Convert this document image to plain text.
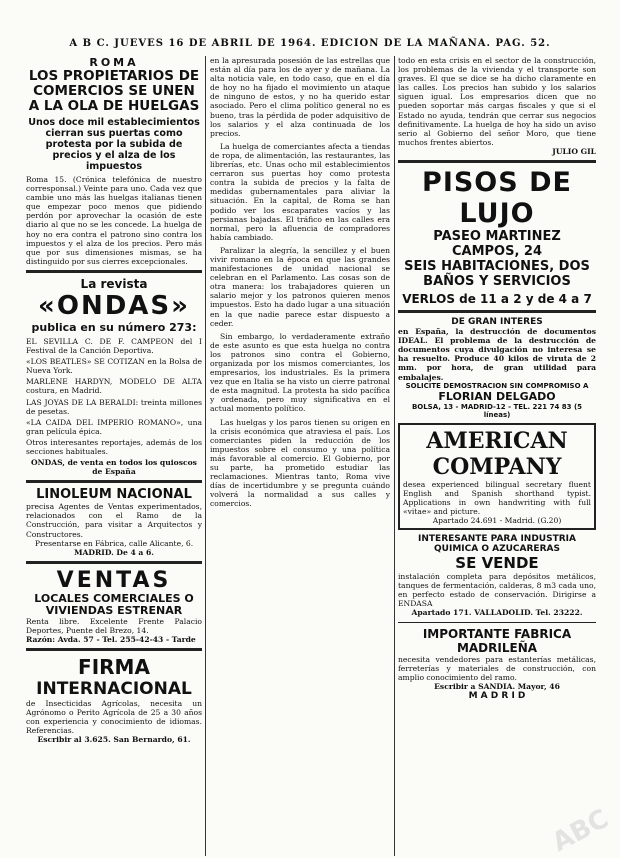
A B C. JUEVES 16 DE ABRIL DE 1964. EDICION DE LA MAÑANA. PAG. 52.

ROMA

LOS PROPIETARIOS DE COMERCIOS SE UNEN A LA OLA DE HUELGAS

Unos doce mil establecimientos cierran sus puertas como protesta por la subida de precios y el alza de los impuestos

Roma 15. (Crónica telefónica de nuestro corresponsal.) Veinte para uno. Cada vez que cambie uno más las huelgas italianas tienen que empezar poco menos que pidiendo perdón por aprovechar la ocasión de este diario al que no se les concede. La huelga de hoy no era contra el patrono sino contra los impuestos y el alza de los precios. Pero más que por sus dimensiones mismas, se ha distinguido por sus cierres excepcionales.

La revista

«ONDAS»

publica en su número 273:

EL SEVILLA C. DE F. CAMPEON del I Festival de la Canción Deportiva.

«LOS BEATLES» SE COTIZAN en la Bolsa de Nueva York.

MARLENE HARDYN, MODELO DE ALTA costura, en Madrid.

LAS JOYAS DE LA BERALDI: treinta millones de pesetas.

«LA CAIDA DEL IMPERIO ROMANO», una gran película épica.

Otros interesantes reportajes, además de los secciones habituales.

ONDAS, de venta en todos los quioscos de España

LINOLEUM NACIONAL

precisa Agentes de Ventas experimentados, relacionados con el Ramo de la Construcción, para visitar a Arquitectos y Constructores.

Presentarse en Fábrica, calle Alicante, 6.

MADRID. De 4 a 6.

VENTAS

LOCALES COMERCIALES O VIVIENDAS ESTRENAR

Renta libre. Excelente Frente Palacio Deportes, Puente del Brezo, 14.

Razón: Avda. 57 - Tel. 255-42-43 - Tarde

FIRMA

INTERNACIONAL

de Insecticidas Agrícolas, necesita un Agrónomo o Perito Agrícola de 25 a 30 años con experiencia y conocimiento de idiomas. Referencias.

Escribir al 3.625. San Bernardo, 61.

en la apresurada posesión de las estrellas que están al día para los de ayer y de mañana. La alta noticia vale, en todo caso, que en el día de hoy no ha fijado el movimiento un ataque de ninguno de estos, y no ha querido estar asociado. Pero el clima político general no es bueno, tras la pérdida de poder adquisitivo de los salarios y el alza continuada de los precios.

La huelga de comerciantes afecta a tiendas de ropa, de alimentación, las restaurantes, las librerías, etc. Unas ocho mil establecimientos cerraron sus puertas hoy como protesta contra la subida de precios y la falta de medidas gubernamentales para aliviar la situación. En la capital, de Roma se han podido ver los escaparates vacíos y las persianas bajadas. El tráfico en las calles era normal, pero la afluencia de compradores había cambiado.

Paralizar la alegría, la sencillez y el buen vivir romano en la época en que las grandes manifestaciones de unidad nacional se celebran en el Parlamento. Las cosas son de otra manera: los trabajadores quieren un salario mejor y los patronos quieren menos impuestos. Esto ha dado lugar a una situación en la que nadie parece estar dispuesto a ceder.

Sin embargo, lo verdaderamente extraño de este asunto es que esta huelga no contra los patronos sino contra el Gobierno, organizada por los mismos comerciantes, los empresarios, los industriales. Es la primera vez que en Italia se ha visto un cierre patronal de esta magnitud. La protesta ha sido pacífica y ordenada, pero muy significativa en el actual momento político.

Las huelgas y los paros tienen su origen en la crisis económica que atraviesa el país. Los comerciantes piden la reducción de los impuestos sobre el consumo y una política más favorable al comercio. El Gobierno, por su parte, ha prometido estudiar las reclamaciones. Mientras tanto, Roma vive días de incertidumbre y se pregunta cuándo volverá la normalidad a sus calles y comercios.

todo en esta crisis en el sector de la construcción, los problemas de la vivienda y el transporte son graves. El que se dice se ha dicho claramente en las calles. Los precios han subido y los salarios siguen igual. Los empresarios dicen que no pueden soportar más cargas fiscales y que si el Estado no ayuda, tendrán que cerrar sus negocios definitivamente. La huelga de hoy ha sido un aviso serio al Gobierno del señor Moro, que tiene muchos frentes abiertos.

JULIO GIL

PISOS DE LUJO

PASEO MARTINEZ CAMPOS, 24

SEIS HABITACIONES, DOS BAÑOS Y SERVICIOS

VERLOS de 11 a 2 y de 4 a 7

DE GRAN INTERES

en España, la destrucción de documentos IDEAL. El problema de la destrucción de documentos cuya divulgación no interesa se ha resuelto. Produce 40 kilos de viruta de 2 mm. por hora, de gran utilidad para embalajes.

SOLICITE DEMOSTRACION SIN COMPROMISO A

FLORIAN DELGADO

BOLSA, 13 - MADRID-12 - TEL. 221 74 83 (5 líneas)

AMERICAN

COMPANY

desea experienced bilingual secretary fluent English and Spanish shorthand typist. Applications in own handwriting with full «vitae» and picture.

Apartado 24.691 - Madrid. (G.20)

INTERESANTE PARA INDUSTRIA QUIMICA O AZUCARERAS

SE VENDE

instalación completa para depósitos metálicos, tanques de fermentación, calderas, 8 m3 cada uno, en perfecto estado de conservación. Dirigirse a ENDASA

Apartado 171. VALLADOLID. Tel. 23222.

IMPORTANTE FABRICA MADRILEÑA

necesita vendedores para estanterías metálicas, ferreterías y materiales de construcción, con amplio conocimiento del ramo.

Escribir a SANDIA. Mayor, 46

M A D R I D

ABC
